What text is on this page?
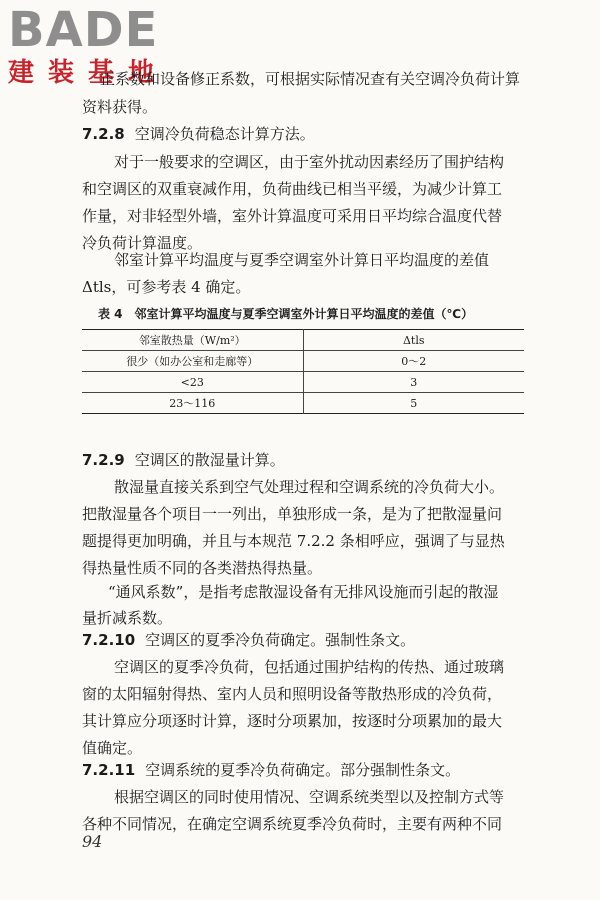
BADE
建装基地
正系数和设备修正系数，可根据实际情况查有关空调冷负荷计算
资料获得。
7.2.8 空调冷负荷稳态计算方法。
对于一般要求的空调区，由于室外扰动因素经历了围护结构
和空调区的双重衰减作用，负荷曲线已相当平缓，为减少计算工
作量，对非轻型外墙，室外计算温度可采用日平均综合温度代替
冷负荷计算温度。
邻室计算平均温度与夏季空调室外计算日平均温度的差值
Δtls，可参考表 4 确定。
表 4 邻室计算平均温度与夏季空调室外计算日平均温度的差值（℃）
邻室散热量（W/m²）	Δtls
很少（如办公室和走廊等）	0～2
<23	3
23～116	5
7.2.9 空调区的散湿量计算。
散湿量直接关系到空气处理过程和空调系统的冷负荷大小。
把散湿量各个项目一一列出，单独形成一条，是为了把散湿量问
题提得更加明确，并且与本规范 7.2.2 条相呼应，强调了与显热
得热量性质不同的各类潜热得热量。
“通风系数”，是指考虑散湿设备有无排风设施而引起的散湿
量折减系数。
7.2.10 空调区的夏季冷负荷确定。强制性条文。
空调区的夏季冷负荷，包括通过围护结构的传热、通过玻璃
窗的太阳辐射得热、室内人员和照明设备等散热形成的冷负荷，
其计算应分项逐时计算，逐时分项累加，按逐时分项累加的最大
值确定。
7.2.11 空调系统的夏季冷负荷确定。部分强制性条文。
根据空调区的同时使用情况、空调系统类型以及控制方式等
各种不同情况，在确定空调系统夏季冷负荷时，主要有两种不同
94
